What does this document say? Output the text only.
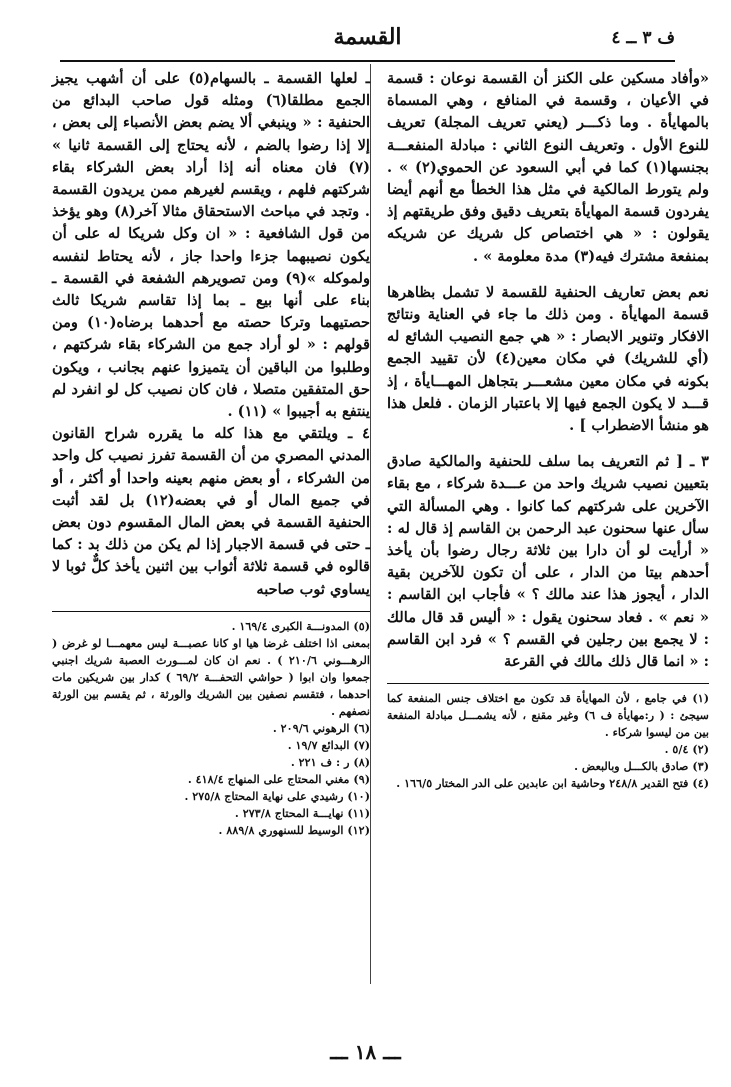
ف ٣ ــ ٤
القسمة

«وأفاد مسكين على الكنز أن القسمة نوعان : قسمة في الأعيان ، وقسمة في المنافع ، وهي المسماة بالمهايأة . وما ذكـــر (يعني تعريف المجلة) تعريف للنوع الأول . وتعريف النوع الثاني : مبادلة المنفعـــة بجنسها(١) كما في أبي السعود عن الحموي(٢) » . ولم يتورط المالكية في مثل هذا الخطأ مع أنهم أيضا يفردون قسمة المهايأة بتعريف دقيق وفق طريقتهم إذ يقولون : « هي اختصاص كل شريك عن شريكه بمنفعة مشترك فيه(٣) مدة معلومة » .

نعم بعض تعاريف الحنفية للقسمة لا تشمل بظاهرها قسمة المهايأة . ومن ذلك ما جاء في العناية ونتائج الافكار وتنوير الابصار : « هي جمع النصيب الشائع له (أي للشريك) في مكان معين(٤) لأن تقييد الجمع بكونه في مكان معين مشعـــر بتجاهل المهـــايأة ، إذ قـــد لا يكون الجمع فيها إلا باعتبار الزمان . فلعل هذا هو منشأ الاضطراب ] .

٣ ـ [ ثم التعريف بما سلف للحنفية والمالكية صادق بتعيين نصيب شريك واحد من عـــدة شركاء ، مع بقاء الآخرين على شركتهم كما كانوا . وهي المسألة التي سأل عنها سحنون عبد الرحمن بن القاسم إذ قال له : « أرأيت لو أن دارا بين ثلاثة رجال رضوا بأن يأخذ أحدهم بيتا من الدار ، على أن تكون للآخرين بقية الدار ، أيجوز هذا عند مالك ؟ » فأجاب ابن القاسم : « نعم » . فعاد سحنون يقول : « أليس قد قال مالك : لا يجمع بين رجلين في القسم ؟ » فرد ابن القاسم : « انما قال ذلك مالك في القرعة

(١) في جامع ، لأن المهايأة قد تكون مع اختلاف جنس المنفعة كما سيجئ : ( ر:مهايأة ف ٦) وغير مقنع ، لأنه يشمـــل مبادلة المنفعة بين من ليسوا شركاء .

(٢) ٥/٤ .

(٣) صادق بالكـــل وبالبعض .

(٤) فتح القدير ٢٤٨/٨ وحاشية ابن عابدين على الدر المختار ١٦٦/٥ .

ـ لعلها القسمة ـ بالسهام(٥) على أن أشهب يجيز الجمع مطلقا(٦) ومثله قول صاحب البدائع من الحنفية : « وينبغي ألا يضم بعض الأنصباء إلى بعض ، إلا إذا رضوا بالضم ، لأنه يحتاج إلى القسمة ثانيا » (٧) فان معناه أنه إذا أراد بعض الشركاء بقاء شركتهم فلهم ، ويقسم لغيرهم ممن يريدون القسمة . وتجد في مباحث الاستحقاق مثالا آخر(٨) وهو يؤخذ من قول الشافعية : « ان وكل شريكا له على أن يكون نصيبهما جزءا واحدا جاز ، لأنه يحتاط لنفسه ولموكله »(٩) ومن تصويرهم الشفعة في القسمة ـ بناء على أنها بيع ـ بما إذا تقاسم شريكا ثالث حصتيهما وتركا حصته مع أحدهما برضاه(١٠) ومن قولهم : « لو أراد جمع من الشركاء بقاء شركتهم ، وطلبوا من الباقين أن يتميزوا عنهم بجانب ، ويكون حق المتفقين متصلا ، فان كان نصيب كل لو انفرد لم ينتفع به أجيبوا » (١١) .

٤ ـ ويلتقي مع هذا كله ما يقرره شراح القانون المدني المصري من أن القسمة تفرز نصيب كل واحد من الشركاء ، أو بعض منهم بعينه واحدا أو أكثر ، أو في جميع المال أو في بعضه(١٢) بل لقد أثبت الحنفية القسمة في بعض المال المقسوم دون بعض ـ حتى في قسمة الاجبار إذا لم يكن من ذلك بد : كما قالوه في قسمة ثلاثة أثواب بين اثنين يأخذ كلٌّ ثوبا لا يساوي ثوب صاحبه

(٥) المدونـــة الكبرى ١٦٩/٤ .

بمعنى اذا اختلف غرضا هيا او كانا عصبـــة ليس معهمـــا لو غرض ( الرهـــوني ٢١٠/٦ ) . نعم ان كان لمـــورث العصبة شريك اجنبي جمعوا وان ابوا ( حواشي التحفـــة ٦٩/٢ ) كدار بين شريكين مات احدهما ، فتقسم نصفين بين الشريك والورثة ، ثم يقسم بين الورثة نصفهم .

(٦) الرهوني ٢٠٩/٦ .

(٧) البدائع ١٩/٧ .

(٨) ر : ف ٢٢١ .

(٩) مغني المحتاج على المنهاج ٤١٨/٤ .

(١٠) رشيدي على نهاية المحتاج ٢٧٥/٨ .

(١١) نهايـــة المحتاج ٢٧٣/٨ .

(١٢) الوسيط للسنهوري ٨٨٩/٨ .

ـــ ١٨ ـــ
